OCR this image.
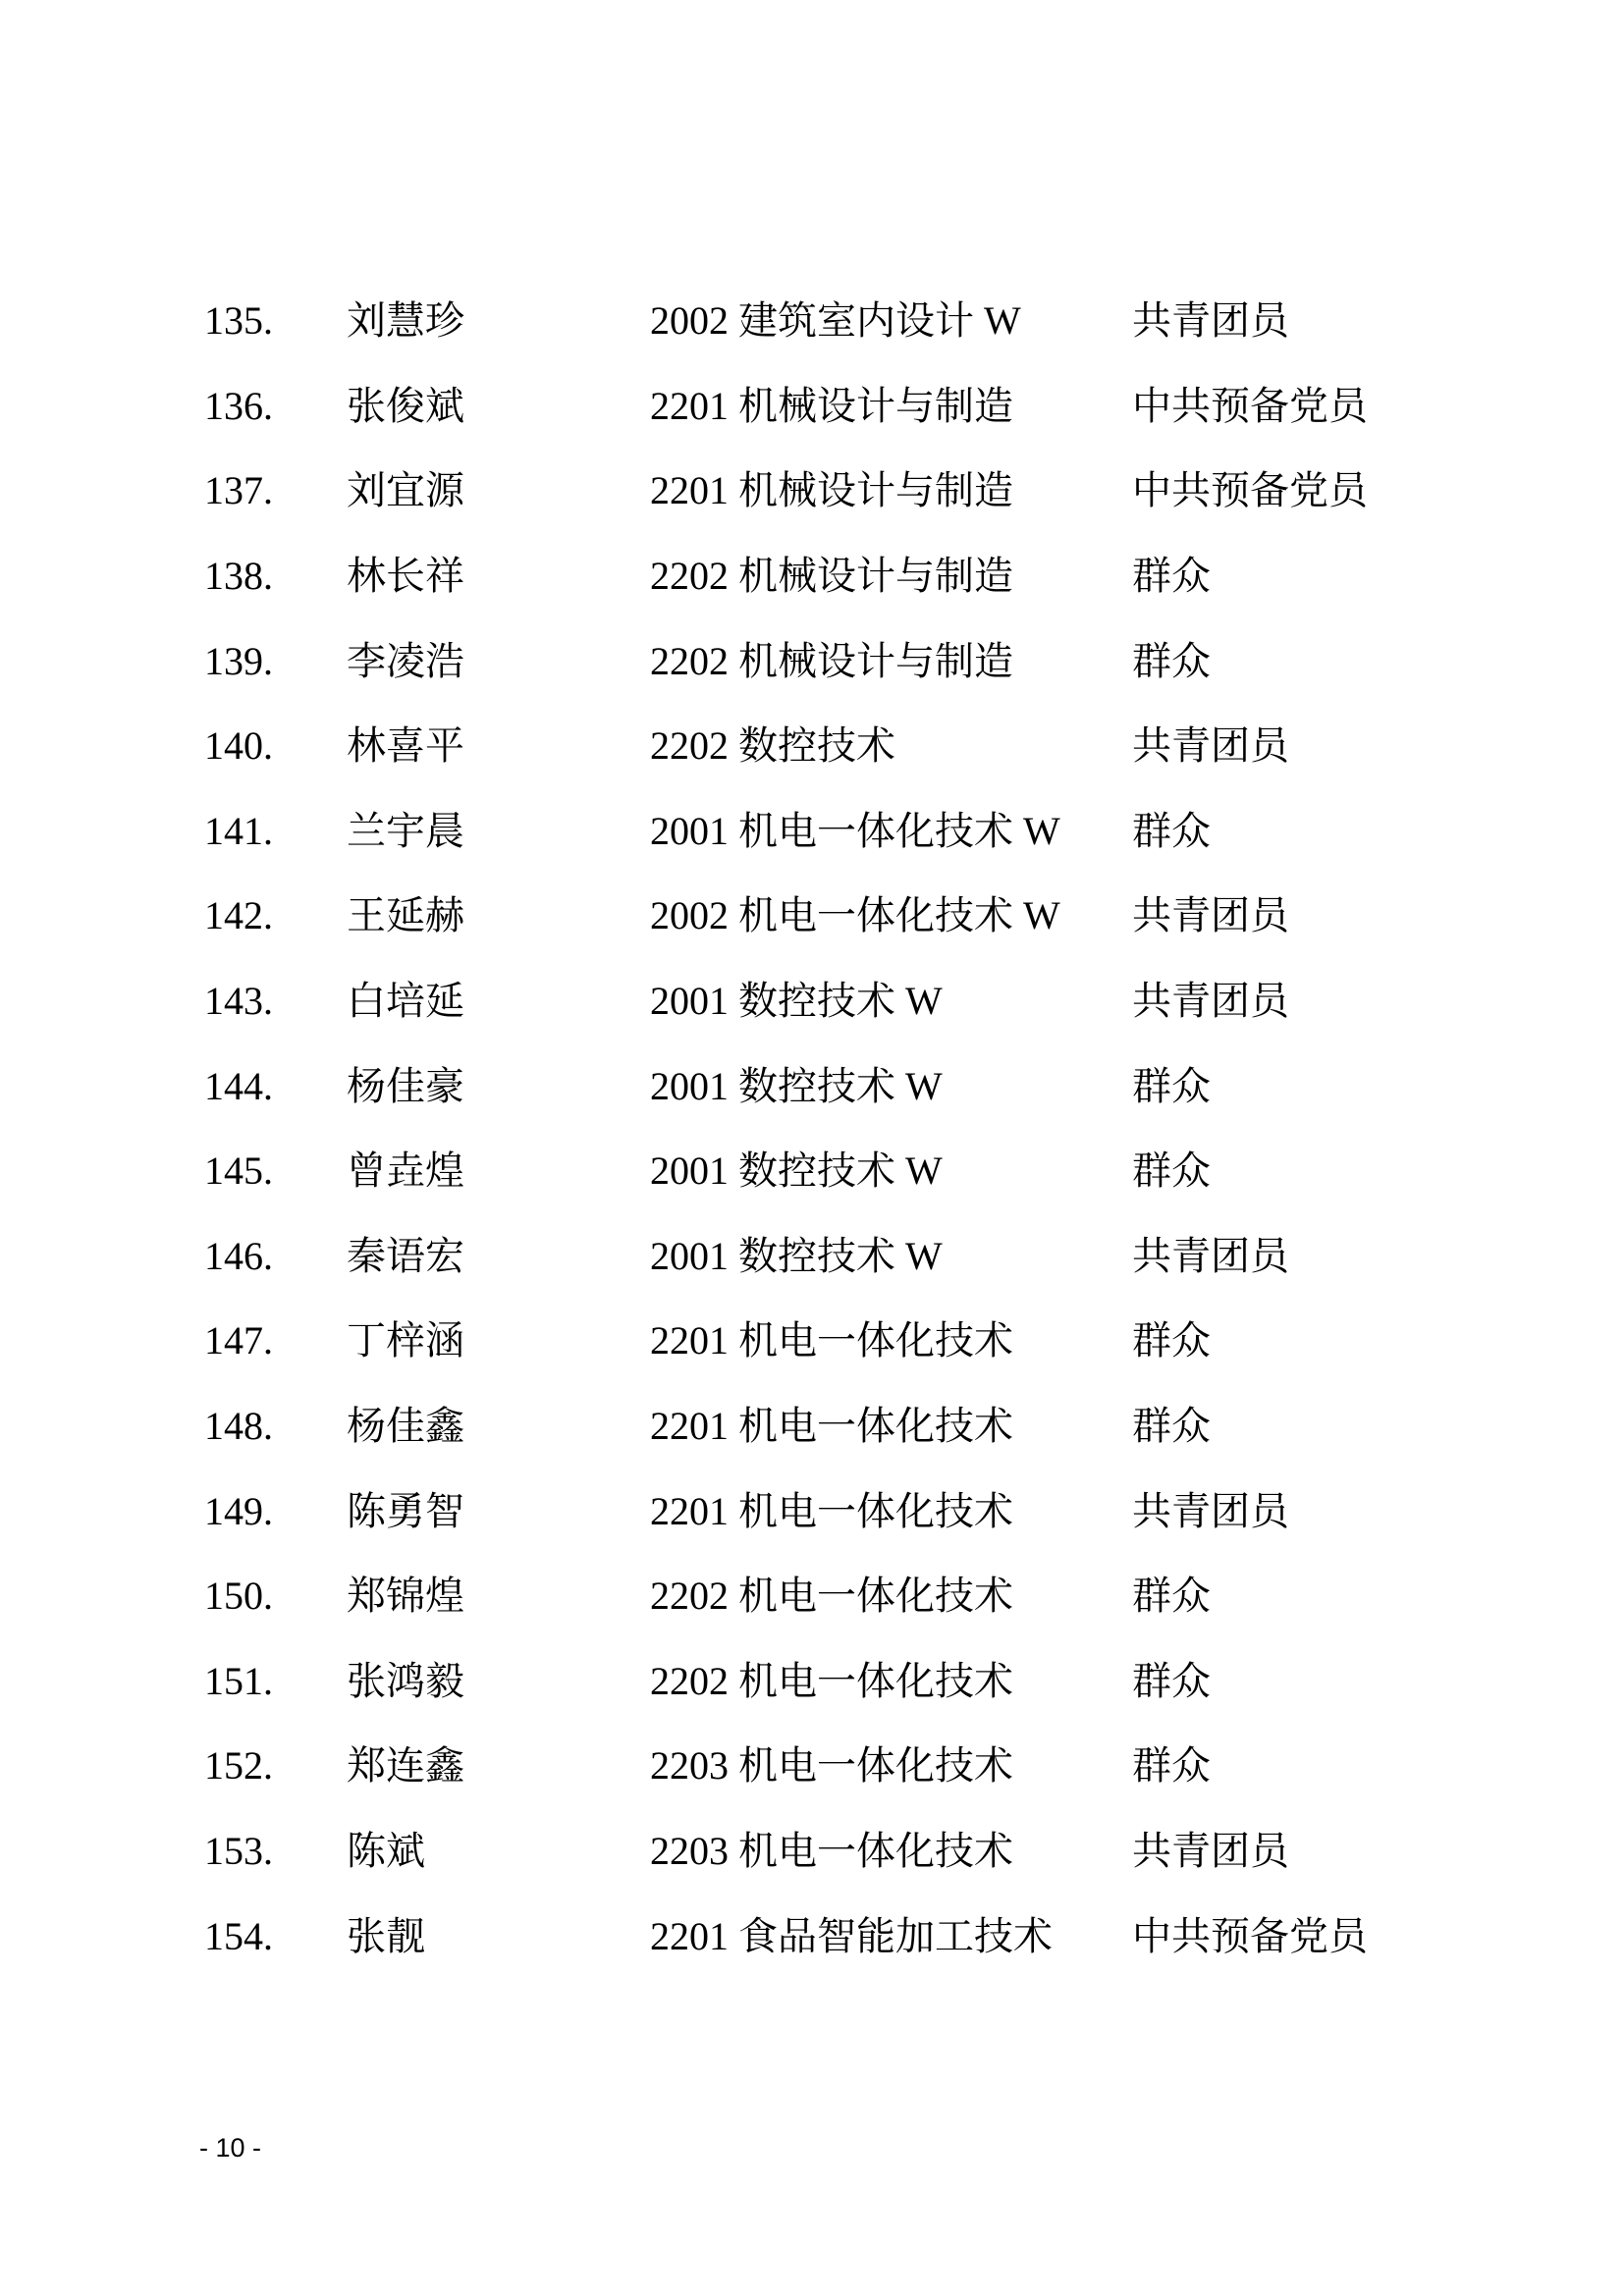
135.	刘慧珍	2002 建筑室内设计 W	共青团员
136.	张俊斌	2201 机械设计与制造	中共预备党员
137.	刘宜源	2201 机械设计与制造	中共预备党员
138.	林长祥	2202 机械设计与制造	群众
139.	李凌浩	2202 机械设计与制造	群众
140.	林喜平	2202 数控技术	共青团员
141.	兰宇晨	2001 机电一体化技术 W	群众
142.	王延赫	2002 机电一体化技术 W	共青团员
143.	白培延	2001 数控技术 W	共青团员
144.	杨佳豪	2001 数控技术 W	群众
145.	曾垚煌	2001 数控技术 W	群众
146.	秦语宏	2001 数控技术 W	共青团员
147.	丁梓涵	2201 机电一体化技术	群众
148.	杨佳鑫	2201 机电一体化技术	群众
149.	陈勇智	2201 机电一体化技术	共青团员
150.	郑锦煌	2202 机电一体化技术	群众
151.	张鸿毅	2202 机电一体化技术	群众
152.	郑连鑫	2203 机电一体化技术	群众
153.	陈斌	2203 机电一体化技术	共青团员
154.	张靓	2201 食品智能加工技术	中共预备党员
- 10 -
